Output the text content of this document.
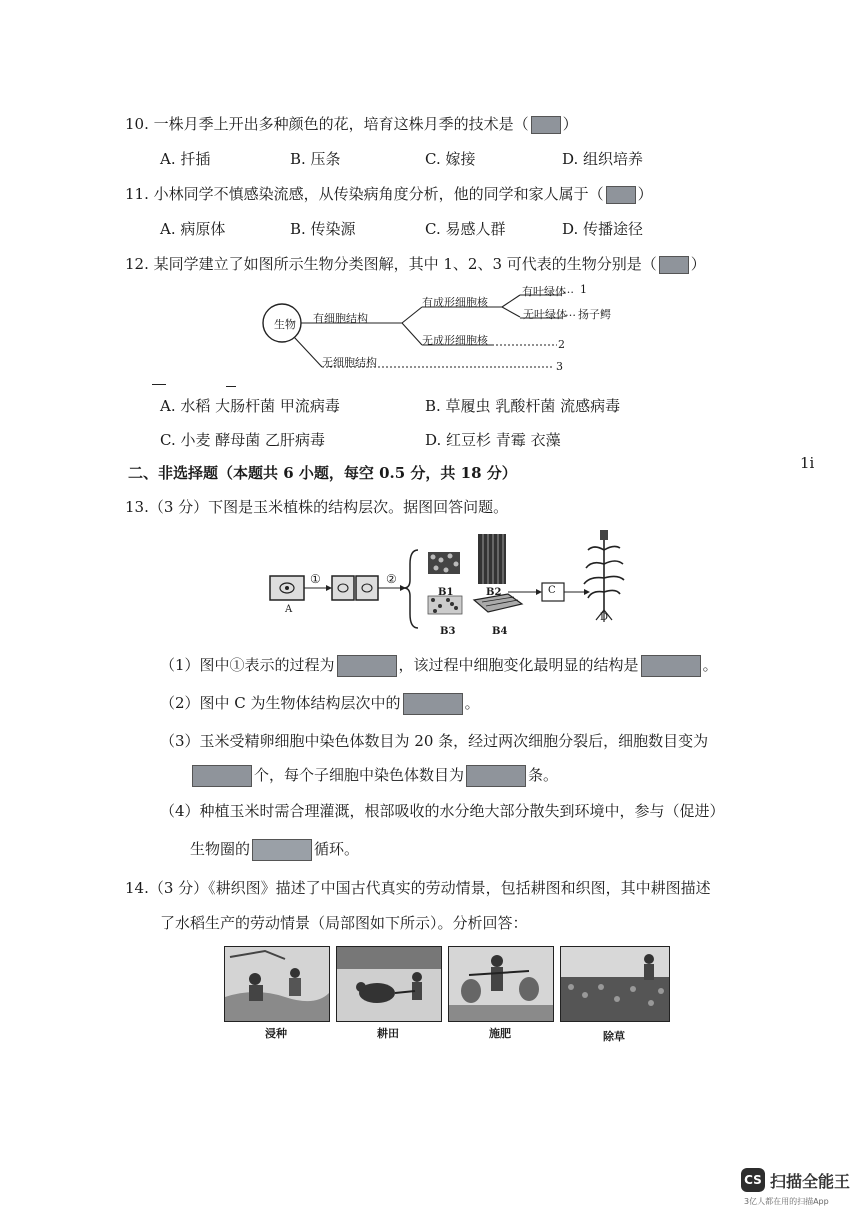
10. 一株月季上开出多种颜色的花，培育这株月季的技术是（ ）
A. 扦插	B. 压条	C. 嫁接	D. 组织培养
11. 小林同学不慎感染流感，从传染病角度分析，他的同学和家人属于（ ）
A. 病原体	B. 传染源	C. 易感人群	D. 传播途径
12. 某同学建立了如图所示生物分类图解，其中 1、2、3 可代表的生物分别是（ ）
生物 有细胞结构
无细胞结构
有成形细胞核
无成形细胞核
有叶绿体
无叶绿体
… 1
… 扬子鳄
2
3
A. 水稻 大肠杆菌 甲流病毒	B. 草履虫 乳酸杆菌 流感病毒
C. 小麦 酵母菌 乙肝病毒	D. 红豆杉 青霉 衣藻
二、非选择题（本题共 6 小题，每空 0.5 分，共 18 分）
1ⅰ
13.（3 分）下图是玉米植株的结构层次。据图回答问题。
A
①	②
B1	B2
B3	B4
C
D
（1）图中①表示的过程为	，该过程中细胞变化最明显的结构是	。
（2）图中 C 为生物体结构层次中的	。
（3）玉米受精卵细胞中染色体数目为 20 条，经过两次细胞分裂后，细胞数目变为
个，每个子细胞中染色体数目为	条。
（4）种植玉米时需合理灌溉，根部吸收的水分绝大部分散失到环境中，参与（促进）
生物圈的	循环。
14.（3 分）《耕织图》描述了中国古代真实的劳动情景，包括耕图和织图，其中耕图描述
了水稻生产的劳动情景（局部图如下所示）。分析回答：
浸种	耕田	施肥	除草
CS 扫描全能王
3亿人都在用的扫描App
